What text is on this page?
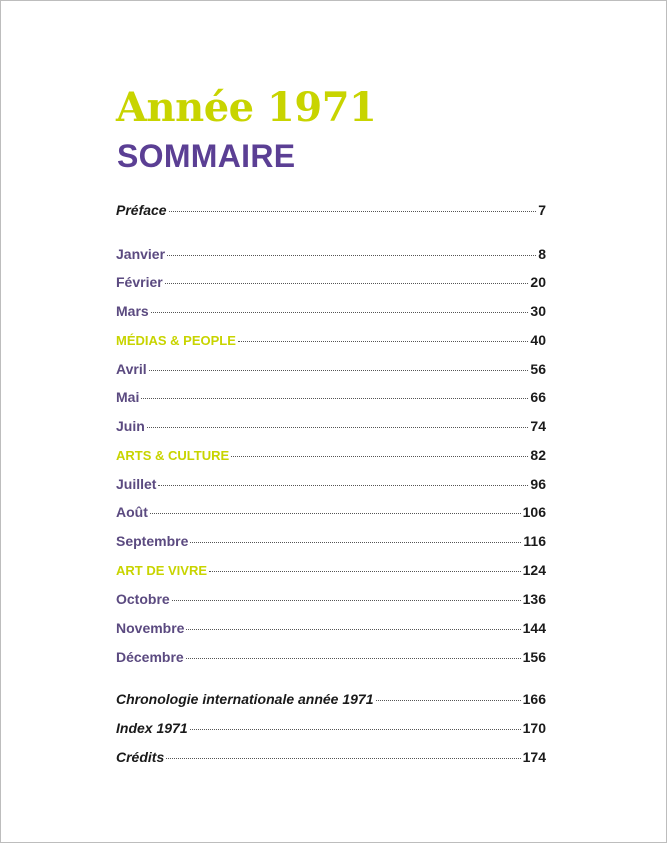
Année 1971
SOMMAIRE
Préface	7
Janvier	8
Février	20
Mars	30
MÉDIAS & PEOPLE	40
Avril	56
Mai	66
Juin	74
ARTS & CULTURE	82
Juillet	96
Août	106
Septembre	116
ART DE VIVRE	124
Octobre	136
Novembre	144
Décembre	156
Chronologie internationale année 1971	166
Index 1971	170
Crédits	174
